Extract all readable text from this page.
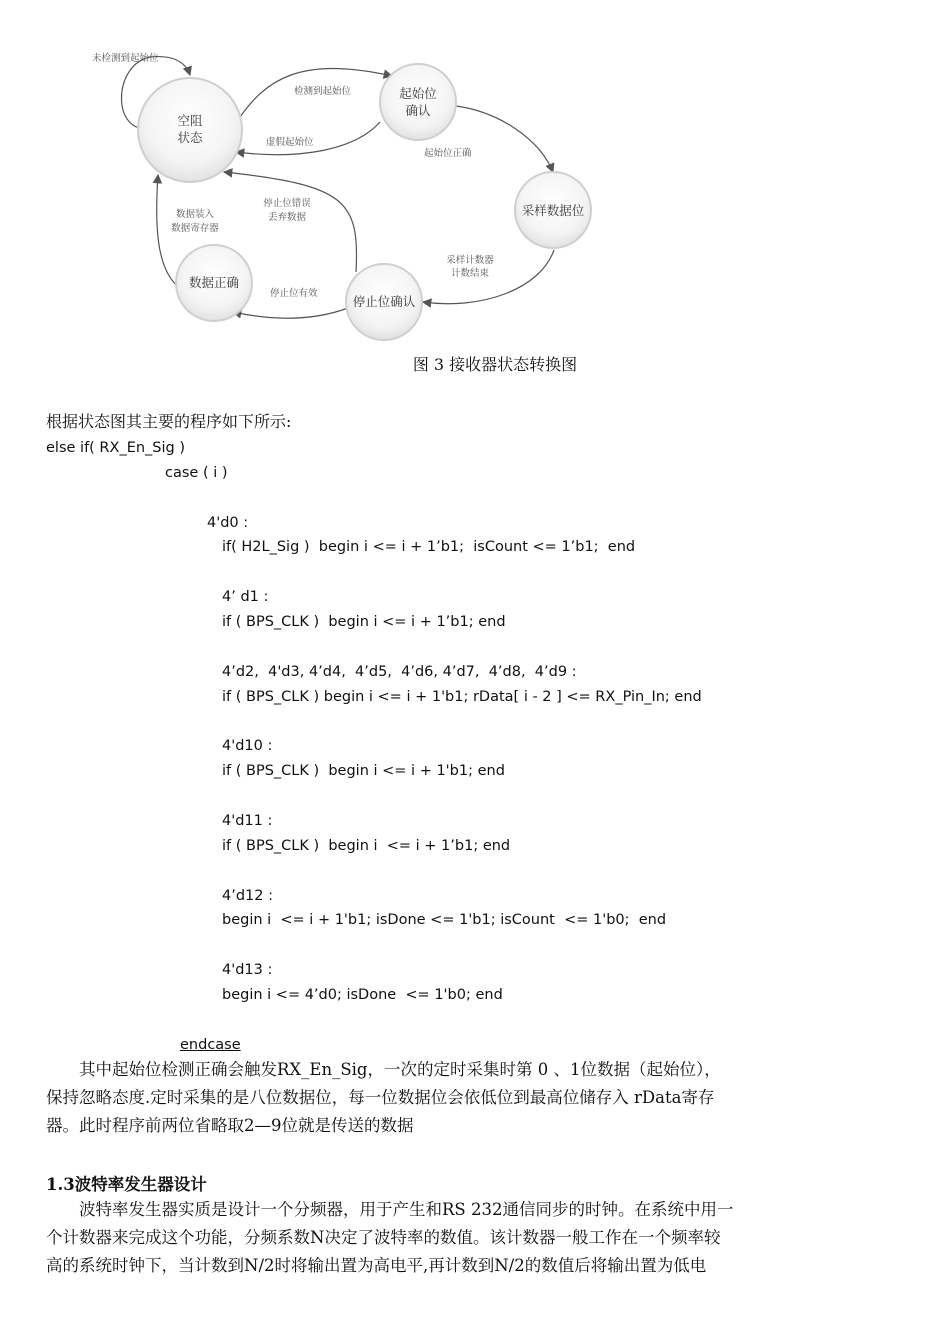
空阻状态
起始位确认
采样数据位
停止位确认
数据正确
未检测到起始位
检测到起始位
虚假起始位
起始位正确
采样计数器计数结束
停止位有效
停止位错误丢弃数据
数据装入数据寄存器
图 3 接收器状态转换图
根据状态图其主要的程序如下所示:
else if( RX_En_Sig )
case ( i )
4'd0 :
if( H2L_Sig )  begin i <= i + 1’b1;  isCount <= 1’b1;  end
4’ d1 :
if ( BPS_CLK )  begin i <= i + 1’b1; end
4’d2,  4'd3, 4’d4,  4’d5,  4’d6, 4’d7,  4’d8,  4’d9 :
if ( BPS_CLK ) begin i <= i + 1'b1; rData[ i - 2 ] <= RX_Pin_In; end
4'd10 :
if ( BPS_CLK )  begin i <= i + 1'b1; end
4'd11 :
if ( BPS_CLK )  begin i  <= i + 1’b1; end
4’d12 :
begin i  <= i + 1'b1; isDone <= 1'b1; isCount  <= 1'b0;  end
4'd13 :
begin i <= 4’d0; isDone  <= 1'b0; end
endcase
　　其中起始位检测正确会触发RX_En_Sig，一次的定时采集时第 0 、1位数据（起始位），
保持忽略态度.定时采集的是八位数据位，每一位数据位会依低位到最高位储存入 rData寄存
器。此时程序前两位省略取2—9位就是传送的数据
1.3波特率发生器设计
　　波特率发生器实质是设计一个分频器，用于产生和RS 232通信同步的时钟。在系统中用一
个计数器来完成这个功能，分频系数N决定了波特率的数值。该计数器一般工作在一个频率较
高的系统时钟下，当计数到N/2时将输出置为高电平,再计数到N/2的数值后将输出置为低电
